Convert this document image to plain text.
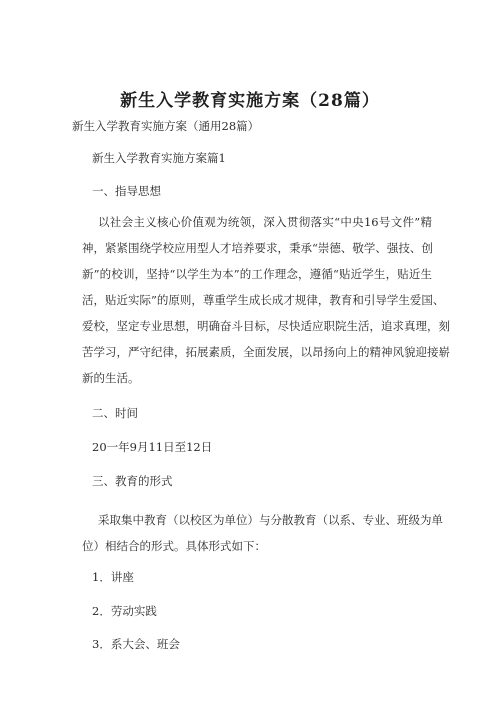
新生入学教育实施方案（28篇）

新生入学教育实施方案（通用28篇）

新生入学教育实施方案篇1

一、指导思想

以社会主义核心价值观为统领，深入贯彻落实“中央16号文件”精
神，紧紧围绕学校应用型人才培养要求，秉承“崇德、敬学、强技、创
新”的校训，坚持“以学生为本”的工作理念，遵循“贴近学生，贴近生
活，贴近实际”的原则，尊重学生成长成才规律，教育和引导学生爱国、
爱校，坚定专业思想，明确奋斗目标，尽快适应职院生活，追求真理，刻
苦学习，严守纪律，拓展素质，全面发展，以昂扬向上的精神风貌迎接崭
新的生活。

二、时间

20一年9月11日至12日

三、教育的形式

采取集中教育（以校区为单位）与分散教育（以系、专业、班级为单
位）相结合的形式。具体形式如下：

1．讲座

2．劳动实践

3．系大会、班会
